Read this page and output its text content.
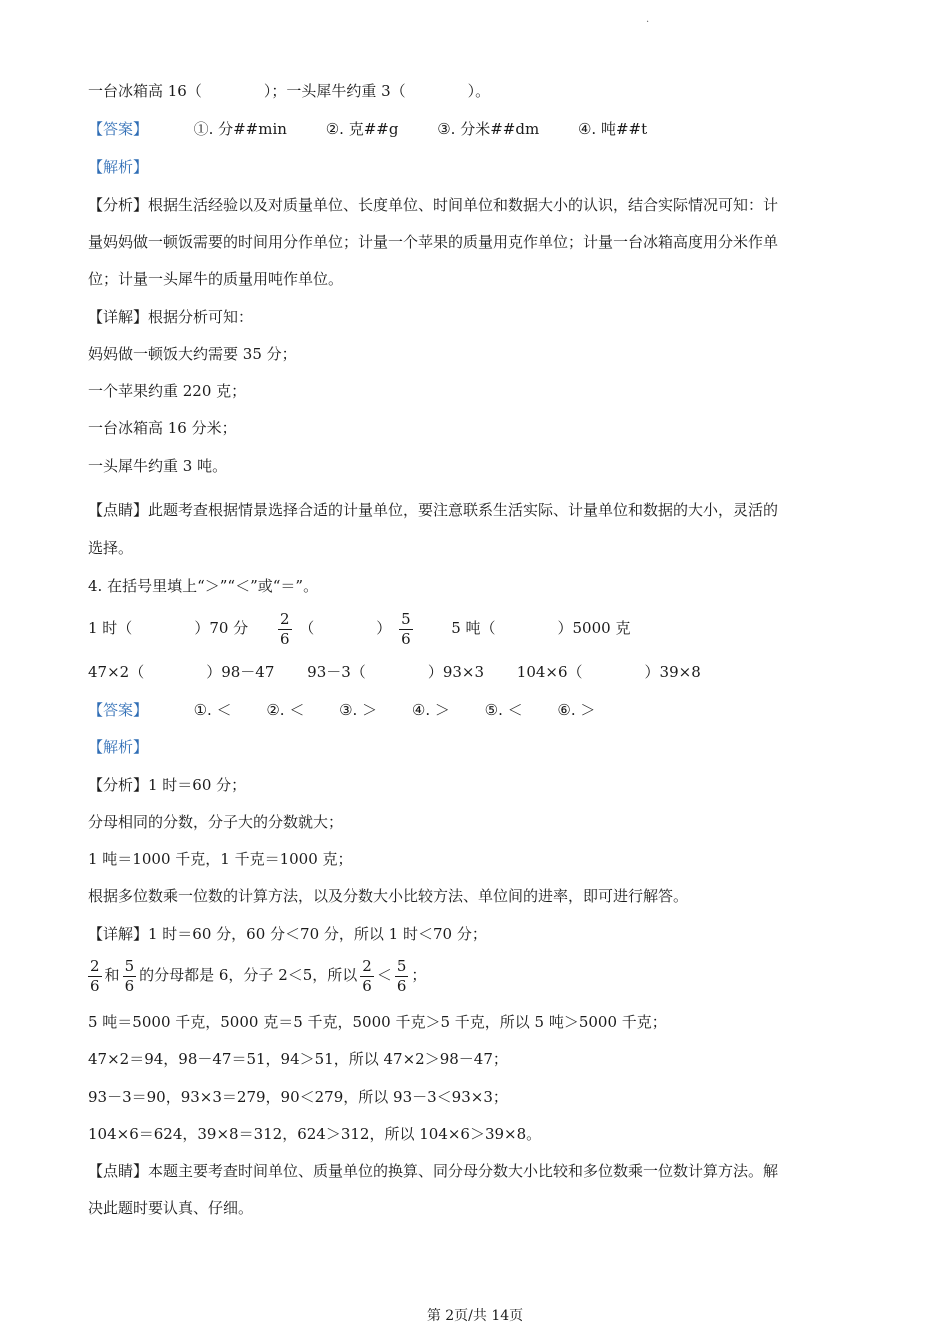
.
一台冰箱高 16（	）；一头犀牛约重 3（	）。
【答案】	①. 分##min	②. 克##g	③. 分米##dm	④. 吨##t
【解析】
【分析】根据生活经验以及对质量单位、长度单位、时间单位和数据大小的认识，结合实际情况可知：计
量妈妈做一顿饭需要的时间用分作单位；计量一个苹果的质量用克作单位；计量一台冰箱高度用分米作单
位；计量一头犀牛的质量用吨作单位。
【详解】根据分析可知：
妈妈做一顿饭大约需要 35 分；
一个苹果约重 220 克；
一台冰箱高 16 分米；
一头犀牛约重 3 吨。
【点睛】此题考查根据情景选择合适的计量单位，要注意联系生活实际、计量单位和数据的大小，灵活的
选择。
4. 在括号里填上“＞”“＜”或“＝”。
1 时（	）70 分 $\frac{2}{6}$ （	） $\frac{5}{6}$	5 吨（	）5000 克
47×2（	）98－47 93－3（	）93×3 104×6（	）39×8
【答案】	①. ＜ ②. ＜ ③. ＞ ④. ＞ ⑤. ＜ ⑥. ＞
【解析】
【分析】1 时＝60 分；
分母相同的分数，分子大的分数就大；
1 吨＝1000 千克，1 千克＝1000 克；
根据多位数乘一位数的计算方法，以及分数大小比较方法、单位间的进率，即可进行解答。
【详解】1 时＝60 分，60 分＜70 分，所以 1 时＜70 分；
$\frac{2}{6}$ 和 $\frac{5}{6}$ 的分母都是 6，分子 2＜5，所以 $\frac{2}{6} < \frac{5}{6}$ ；
5 吨＝5000 千克，5000 克＝5 千克，5000 千克＞5 千克，所以 5 吨＞5000 千克；
47×2＝94，98－47＝51，94＞51，所以 47×2＞98－47；
93－3＝90，93×3＝279，90＜279，所以 93－3＜93×3；
104×6＝624，39×8＝312，624＞312，所以 104×6＞39×8。
【点睛】本题主要考查时间单位、质量单位的换算、同分母分数大小比较和多位数乘一位数计算方法。解
决此题时要认真、仔细。
第 2页/共 14页
